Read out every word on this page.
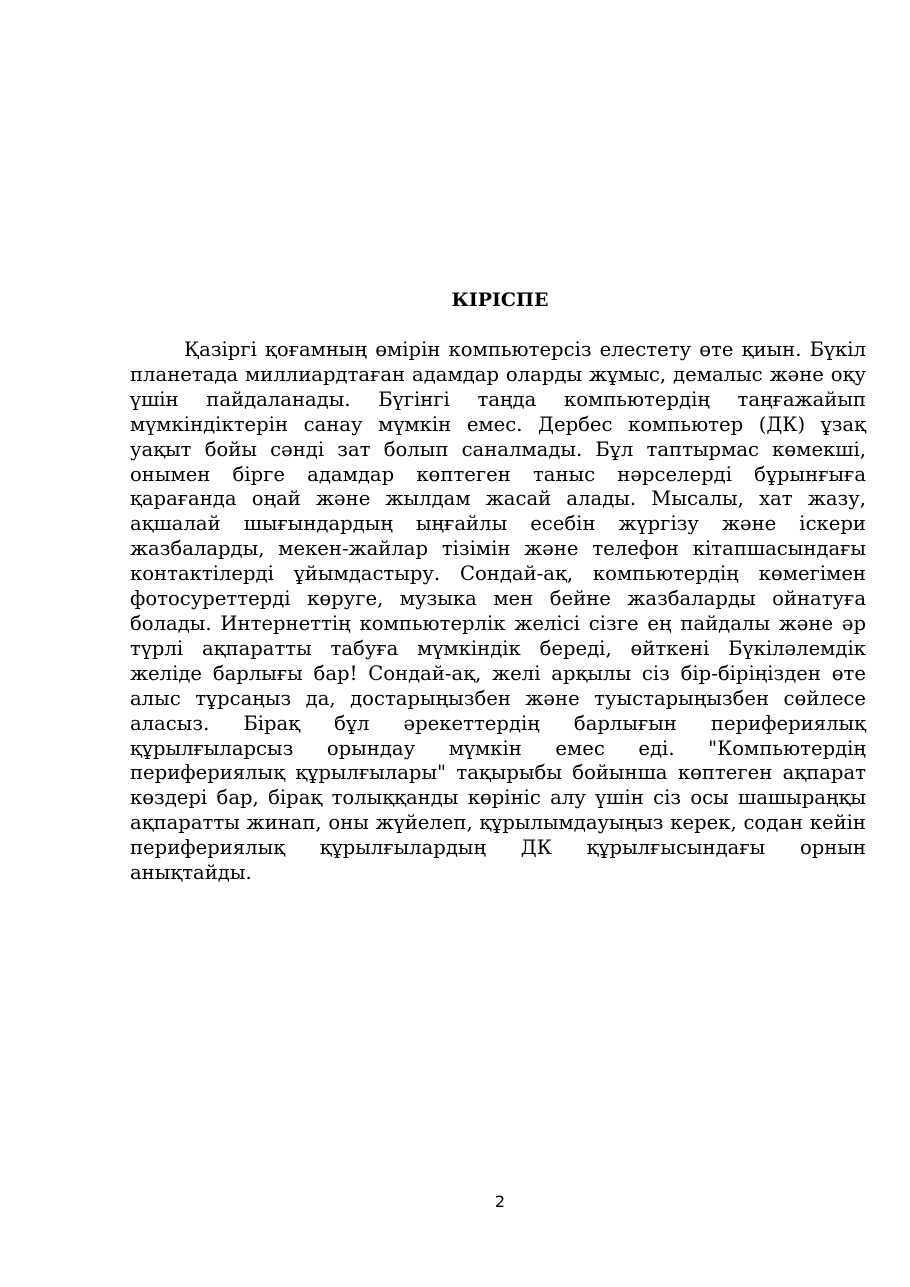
КІРІСПЕ

Қазіргі қоғамның өмірін компьютерсіз елестету өте қиын. Бүкіл планетада миллиардтаған адамдар оларды жұмыс, демалыс және оқу үшін пайдаланады. Бүгінгі таңда компьютердің таңғажайып мүмкіндіктерін санау мүмкін емес. Дербес компьютер (ДК) ұзақ уақыт бойы сәнді зат болып саналмады. Бұл таптырмас көмекші, онымен бірге адамдар көптеген таныс нәрселерді бұрынғыға қарағанда оңай және жылдам жасай алады. Мысалы, хат жазу, ақшалай шығындардың ыңғайлы есебін жүргізу және іскери жазбаларды, мекен-жайлар тізімін және телефон кітапшасындағы контактілерді ұйымдастыру. Сондай-ақ, компьютердің көмегімен фотосуреттерді көруге, музыка мен бейне жазбаларды ойнатуға болады. Интернеттің компьютерлік желісі сізге ең пайдалы және әр түрлі ақпаратты табуға мүмкіндік береді, өйткені Бүкіләлемдік желіде барлығы бар! Сондай-ақ, желі арқылы сіз бір-біріңізден өте алыс тұрсаңыз да, достарыңызбен және туыстарыңызбен сөйлесе аласыз. Бірақ бұл әрекеттердің барлығын перифериялық құрылғыларсыз орындау мүмкін емес еді. "Компьютердің перифериялық құрылғылары" тақырыбы бойынша көптеген ақпарат көздері бар, бірақ толыққанды көрініс алу үшін сіз осы шашыраңқы ақпаратты жинап, оны жүйелеп, құрылымдауыңыз керек, содан кейін перифериялық құрылғылардың ДК құрылғысындағы орнын анықтайды.

2
